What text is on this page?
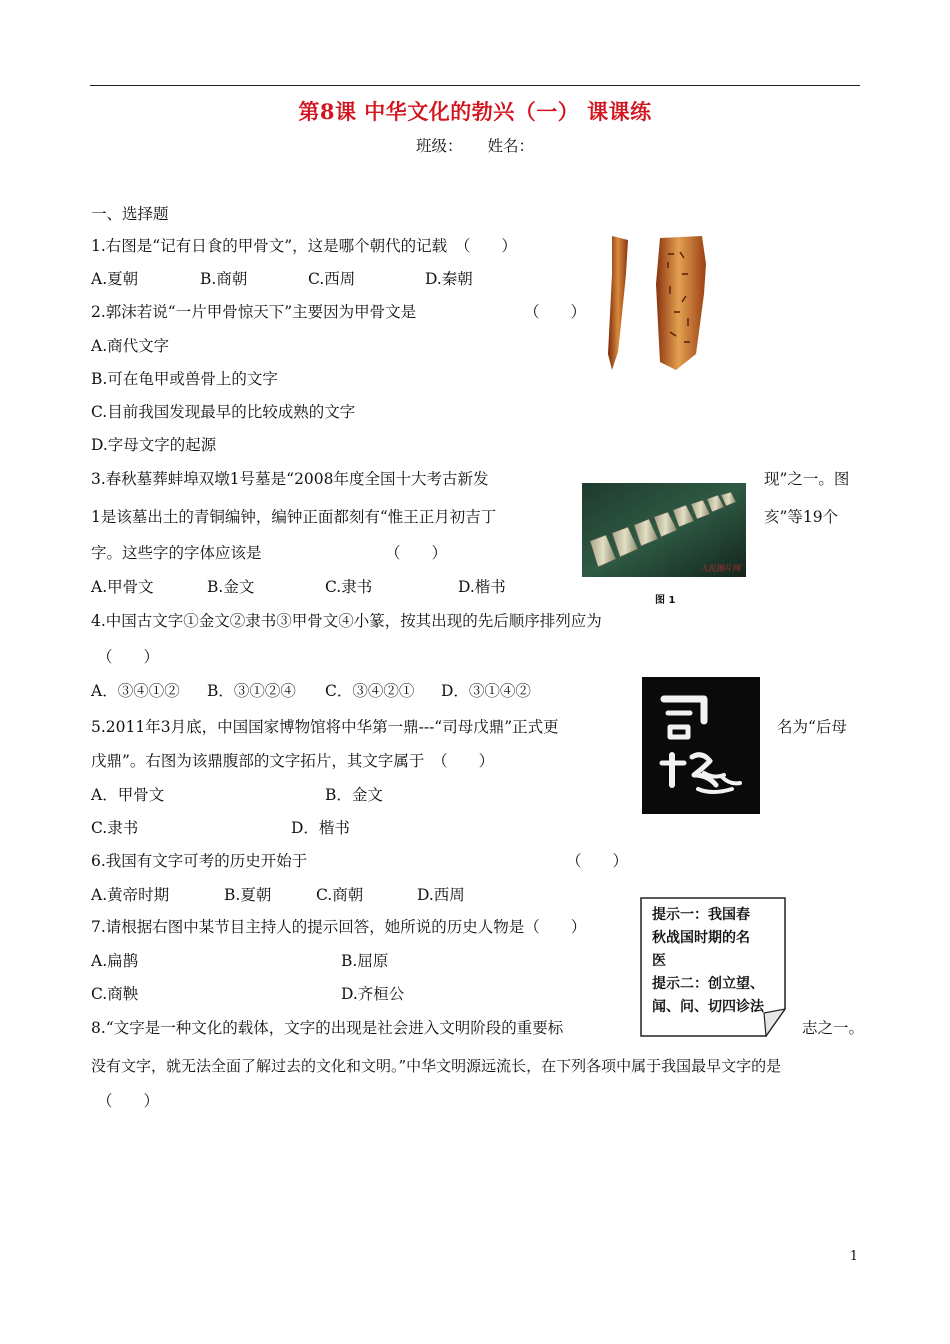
第8课 中华文化的勃兴（一） 课课练
班级： 姓名：
一、选择题
1.右图是“记有日食的甲骨文”，这是哪个朝代的记载　（　　）
A.夏朝	B.商朝	C.西周	D.秦朝
2.郭沫若说“一片甲骨惊天下”主要因为甲骨文是	（　　）
A.商代文字
B.可在龟甲或兽骨上的文字
C.目前我国发现最早的比较成熟的文字
D.字母文字的起源
3.春秋墓葬蚌埠双墩1号墓是“2008年度全国十大考古新发	现”之一。图
1是该墓出土的青铜编钟，编钟正面都刻有“惟王正月初吉丁	亥”等19个
字。这些字的字体应该是	（　　）
A.甲骨文	B.金文	C.隶书	D.楷书
人民图片网
图 1
4.中国古文字①金文②隶书③甲骨文④小篆，按其出现的先后顺序排列应为
（　　）
A．③④①② B．③①②④ C．③④②① D．③①④②
5.2011年3月底，中国国家博物馆将中华第一鼎---“司母戊鼎”正式更	名为“后母
戊鼎”。右图为该鼎腹部的文字拓片，其文字属于　（　　）
A．甲骨文	B．金文
C.隶书	D．楷书
6.我国有文字可考的历史开始于	（　　）
A.黄帝时期	B.夏朝	C.商朝	D.西周
7.请根据右图中某节目主持人的提示回答，她所说的历史人物是（　　）
A.扁鹊	B.屈原
C.商鞅	D.齐桓公
提示一：我国春
秋战国时期的名
医
提示二：创立望、
闻、问、切四诊法
8.“文字是一种文化的载体，文字的出现是社会进入文明阶段的重要标	志之一。
没有文字，就无法全面了解过去的文化和文明。”中华文明源远流长，在下列各项中属于我国最早文字的是
（　　）
1
